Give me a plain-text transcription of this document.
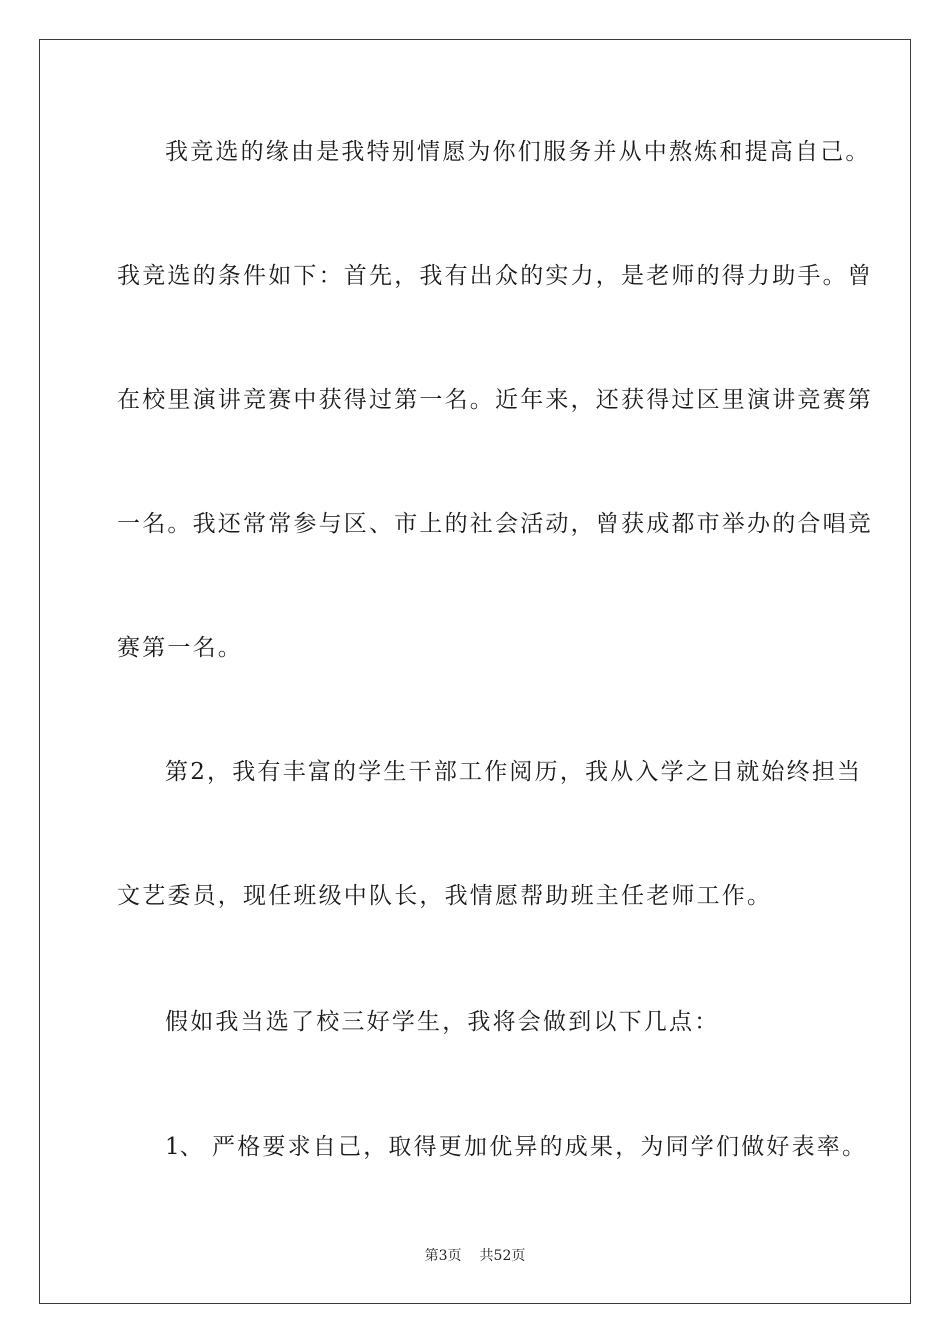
我竞选的缘由是我特别情愿为你们服务并从中熬炼和提高自己。
我竞选的条件如下：首先，我有出众的实力，是老师的得力助手。曾
在校里演讲竞赛中获得过第一名。近年来，还获得过区里演讲竞赛第
一名。我还常常参与区、市上的社会活动，曾获成都市举办的合唱竞
赛第一名。
第2，我有丰富的学生干部工作阅历，我从入学之日就始终担当
文艺委员，现任班级中队长，我情愿帮助班主任老师工作。
假如我当选了校三好学生，我将会做到以下几点：
1、 严格要求自己，取得更加优异的成果，为同学们做好表率。
第3页 共52页
